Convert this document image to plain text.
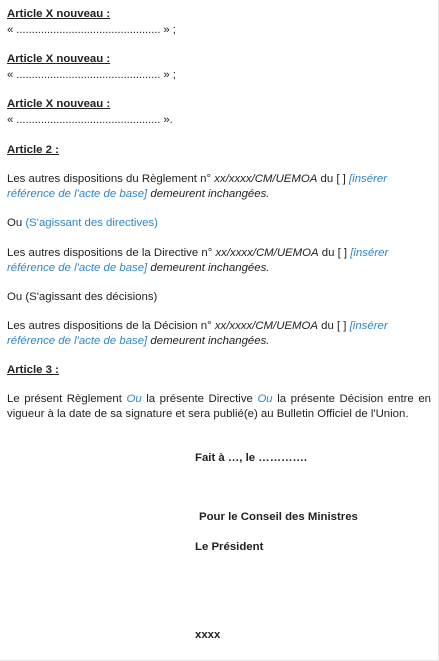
Article X nouveau :
« ............................................... » ;
Article X nouveau :
« ............................................... » ;
Article X nouveau :
« ............................................... ».
Article 2 :
Les autres dispositions du Règlement n° xx/xxxx/CM/UEMOA du [ ] [insérer référence de l'acte de base] demeurent inchangées.
Ou (S'agissant des directives)
Les autres dispositions de la Directive n° xx/xxxx/CM/UEMOA du [ ] [insérer référence de l'acte de base] demeurent inchangées.
Ou (S'agissant des décisions)
Les autres dispositions de la Décision n° xx/xxxx/CM/UEMOA du [ ] [insérer référence de l'acte de base] demeurent inchangées.
Article 3 :
Le présent Règlement Ou la présente Directive Ou la présente Décision entre en vigueur à la date de sa signature et sera publié(e) au Bulletin Officiel de l'Union.
Fait à …, le ………….
Pour le Conseil des Ministres
Le Président
xxxx
